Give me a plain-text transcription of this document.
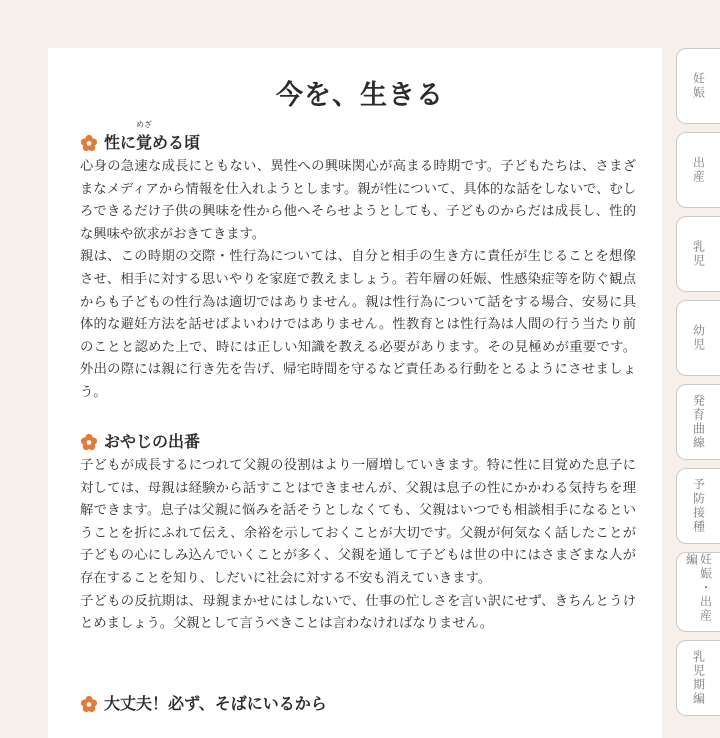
今を、生きる
性に
めざ
覚 める頃

心身の急速な成長にともない、異性への興味関心が高まる時期です。子どもたちは、さまざまなメディアから情報を仕入れようとします。親が性について、具体的な話をしないで、むしろできるだけ子供の興味を性から他へそらせようとしても、子どものからだは成長し、性的な興味や欲求がおきてきます。

親は、この時期の交際・性行為については、自分と相手の生き方に責任が生じることを想像させ、相手に対する思いやりを家庭で教えましょう。若年層の妊娠、性感染症等を防ぐ観点からも子どもの性行為は適切ではありません。親は性行為について話をする場合、安易に具体的な避妊方法を話せばよいわけではありません。性教育とは性行為は人間の行う当たり前のことと認めた上で、時には正しい知識を教える必要があります。その見極めが重要です。外出の際には親に行き先を告げ、帰宅時間を守るなど責任ある行動をとるようにさせましょう。

おやじの出番

子どもが成長するにつれて父親の役割はより一層増していきます。特に性に目覚めた息子に対しては、母親は経験から話すことはできませんが、父親は息子の性にかかわる気持ちを理解できます。息子は父親に悩みを話そうとしなくても、父親はいつでも相談相手になるということを折にふれて伝え、余裕を示しておくことが大切です。父親が何気なく話したことが子どもの心にしみ込んでいくことが多く、父親を通して子どもは世の中にはさまざまな人が存在することを知り、しだいに社会に対する不安も消えていきます。

子どもの反抗期は、母親まかせにはしないで、仕事の忙しさを言い訳にせず、きちんとうけとめましょう。父親として言うべきことは言わなければなりません。

大丈夫！必ず、そばにいるから
妊娠
出産
乳児
幼児
発育曲線
予防接種
妊娠・出産編
乳児期編
